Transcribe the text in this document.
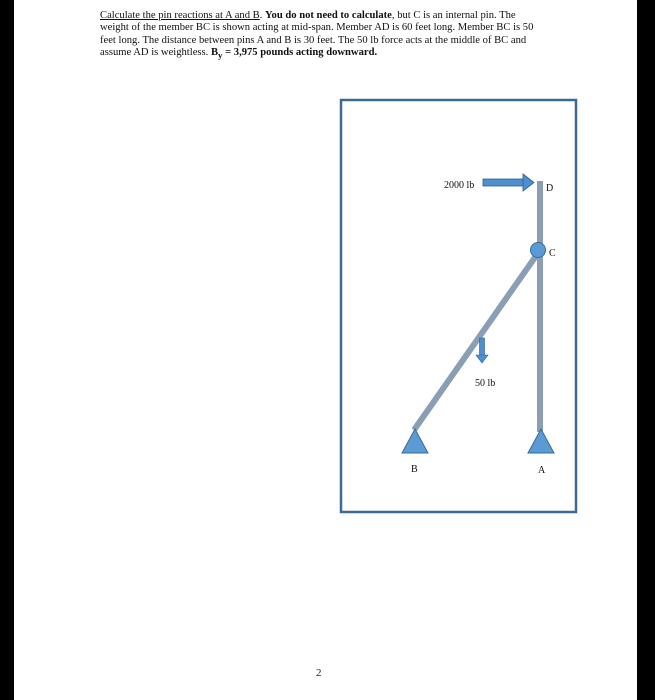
Calculate the pin reactions at A and B. You do not need to calculate, but C is an internal pin. The weight of the member BC is shown acting at mid-span. Member AD is 60 feet long. Member BC is 50 feet long. The distance between pins A and B is 30 feet. The 50 lb force acts at the middle of BC and assume AD is weightless. $B_y = 3,975$ pounds acting downward.
2000 lb
50 lb
D
C
B	A
2
